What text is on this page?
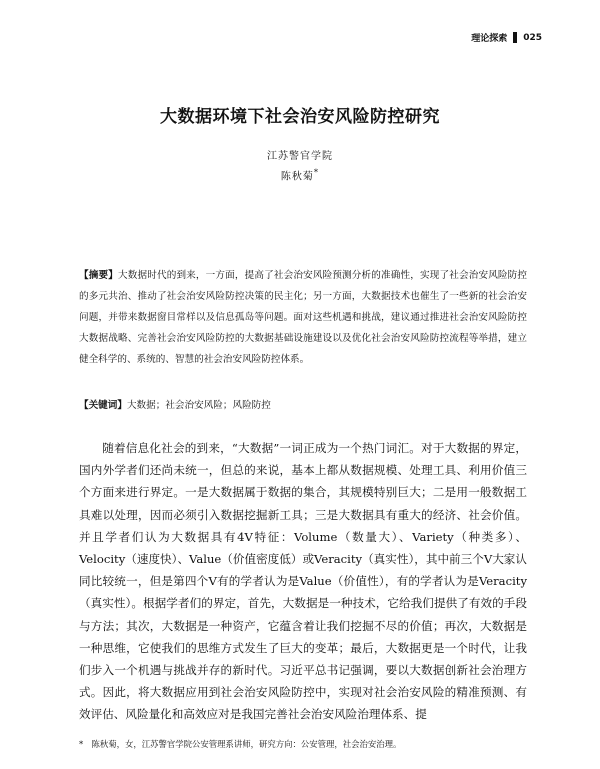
理论探索 025
大数据环境下社会治安风险防控研究
江苏警官学院
陈秋菊*
【摘要】大数据时代的到来，一方面，提高了社会治安风险预测分析的准确性，实现了社会治安风险防控的多元共治、推动了社会治安风险防控决策的民主化；另一方面，大数据技术也催生了一些新的社会治安问题，并带来数据窗目常样以及信息孤岛等问题。面对这些机遇和挑战，建议通过推进社会治安风险防控大数据战略、完善社会治安风险防控的大数据基础设施建设以及优化社会治安风险防控流程等举措，建立健全科学的、系统的、智慧的社会治安风险防控体系。
【关键词】大数据；社会治安风险；风险防控
随着信息化社会的到来，“大数据”一词正成为一个热门词汇。对于大数据的界定，国内外学者们还尚未统一，但总的来说，基本上都从数据规模、处理工具、利用价值三个方面来进行界定。一是大数据属于数据的集合，其规模特别巨大；二是用一般数据工具难以处理，因而必须引入数据挖掘新工具；三是大数据具有重大的经济、社会价值。并且学者们认为大数据具有4V特征：Volume（数量大）、Variety（种类多）、Velocity（速度快）、Value（价值密度低）或Veracity（真实性），其中前三个V大家认同比较统一，但是第四个V有的学者认为是Value（价值性），有的学者认为是Veracity（真实性）。根据学者们的界定，首先，大数据是一种技术，它给我们提供了有效的手段与方法；其次，大数据是一种资产，它蕴含着让我们挖掘不尽的价值；再次，大数据是一种思维，它使我们的思维方式发生了巨大的变革；最后，大数据更是一个时代，让我们步入一个机遇与挑战并存的新时代。习近平总书记强调，要以大数据创新社会治理方式。因此，将大数据应用到社会治安风险防控中，实现对社会治安风险的精准预测、有效评估、风险量化和高效应对是我国完善社会治安风险治理体系、提
*　陈秋菊，女，江苏警官学院公安管理系讲师，研究方向：公安管理，社会治安治理。
